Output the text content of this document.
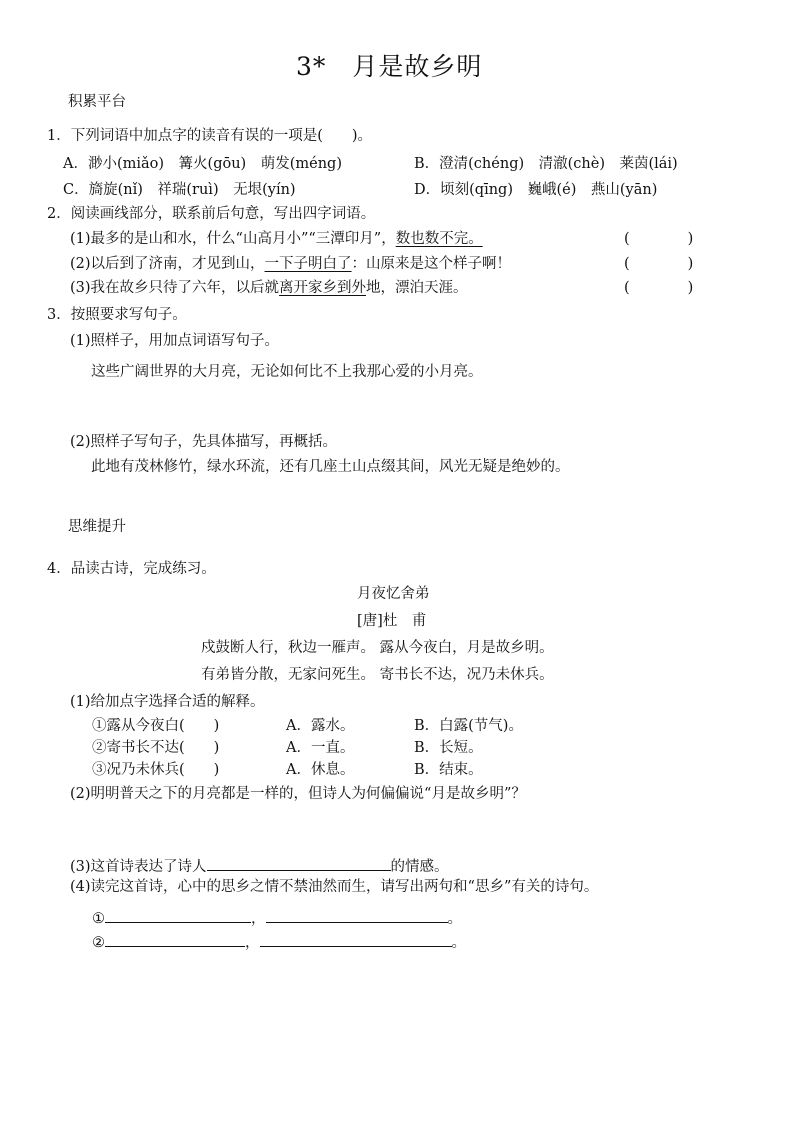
3*　月是故乡明
积累平台
1．下列词语中加点字的读音有误的一项是(　　)。
A．渺小(miǎo)　篝火(gōu)　萌发(méng)	B．澄清(chéng)　清澈(chè)　莱茵(lái)
C．旖旋(nǐ)　祥瑞(ruì)　无垠(yín)	D．顷刻(qīng)　巍峨(é)　燕山(yān)
2．阅读画线部分，联系前后句意，写出四字词语。
(1)最多的是山和水，什么“山高月小”“三潭印月”，数也数不完。	(　　　　)
(2)以后到了济南，才见到山，一下子明白了：山原来是这个样子啊！	(　　　　)
(3)我在故乡只待了六年，以后就离开家乡到外地，漂泊天涯。	(　　　　)
3．按照要求写句子。
(1)照样子，用加点词语写句子。
这些广阔世界的大月亮，无论如何比不上我那心爱的小月亮。
(2)照样子写句子，先具体描写，再概括。
此地有茂林修竹，绿水环流，还有几座土山点缀其间，风光无疑是绝妙的。
思维提升
4．品读古诗，完成练习。
月夜忆舍弟
[唐]杜　甫
戍鼓断人行，秋边一雁声。 露从今夜白，月是故乡明。
有弟皆分散，无家问死生。 寄书长不达，况乃未休兵。
(1)给加点字选择合适的解释。
①露从今夜白(　　)	A．露水。	B．白露(节气)。
②寄书长不达(　　)	A．一直。	B．长短。
③况乃未休兵(　　)	A．休息。	B．结束。
(2)明明普天之下的月亮都是一样的，但诗人为何偏偏说“月是故乡明”？
(3)这首诗表达了诗人	的情感。
(4)读完这首诗，心中的思乡之情不禁油然而生，请写出两句和“思乡”有关的诗句。
①	，	。
②	，	。
